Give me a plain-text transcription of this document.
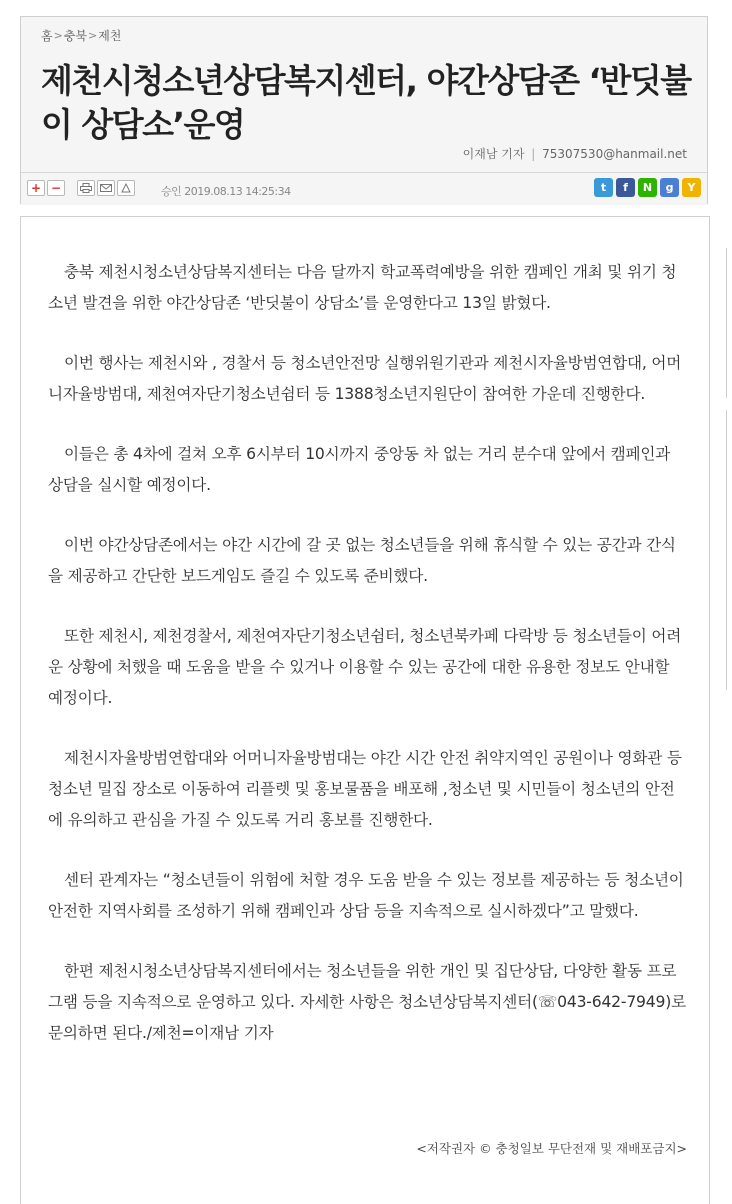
홈 > 충북 > 제천
제천시청소년상담복지센터, 야간상담존 ‘반딧불이 상담소’운영
이재남 기자 | 75307530@hanmail.net
+ −	승인 2019.08.13 14:25:34	t	f	N	g	Y

충북 제천시청소년상담복지센터는 다음 달까지 학교폭력예방을 위한 캠페인 개최 및 위기 청소년 발견을 위한 야간상담존 ‘반딧불이 상담소’를 운영한다고 13일 밝혔다.

이번 행사는 제천시와 , 경찰서 등 청소년안전망 실행위원기관과 제천시자율방범연합대, 어머니자율방범대, 제천여자단기청소년쉼터 등 1388청소년지원단이 참여한 가운데 진행한다.

이들은 총 4차에 걸쳐 오후 6시부터 10시까지 중앙동 차 없는 거리 분수대 앞에서 캠페인과 상담을 실시할 예정이다.

이번 야간상담존에서는 야간 시간에 갈 곳 없는 청소년들을 위해 휴식할 수 있는 공간과 간식을 제공하고 간단한 보드게임도 즐길 수 있도록 준비했다.

또한 제천시, 제천경찰서, 제천여자단기청소년쉼터, 청소년북카페 다락방 등 청소년들이 어려운 상황에 처했을 때 도움을 받을 수 있거나 이용할 수 있는 공간에 대한 유용한 정보도 안내할 예정이다.

제천시자율방범연합대와 어머니자율방범대는 야간 시간 안전 취약지역인 공원이나 영화관 등 청소년 밀집 장소로 이동하여 리플렛 및 홍보물품을 배포해 ,청소년 및 시민들이 청소년의 안전에 유의하고 관심을 가질 수 있도록 거리 홍보를 진행한다.

센터 관계자는 “청소년들이 위험에 처할 경우 도움 받을 수 있는 정보를 제공하는 등 청소년이 안전한 지역사회를 조성하기 위해 캠페인과 상담 등을 지속적으로 실시하겠다”고 말했다.

한편 제천시청소년상담복지센터에서는 청소년들을 위한 개인 및 집단상담, 다양한 활동 프로그램 등을 지속적으로 운영하고 있다. 자세한 사항은 청소년상담복지센터(☏043-642-7949)로 문의하면 된다./제천=이재남 기자

<저작권자 © 충청일보 무단전재 및 재배포금지>
